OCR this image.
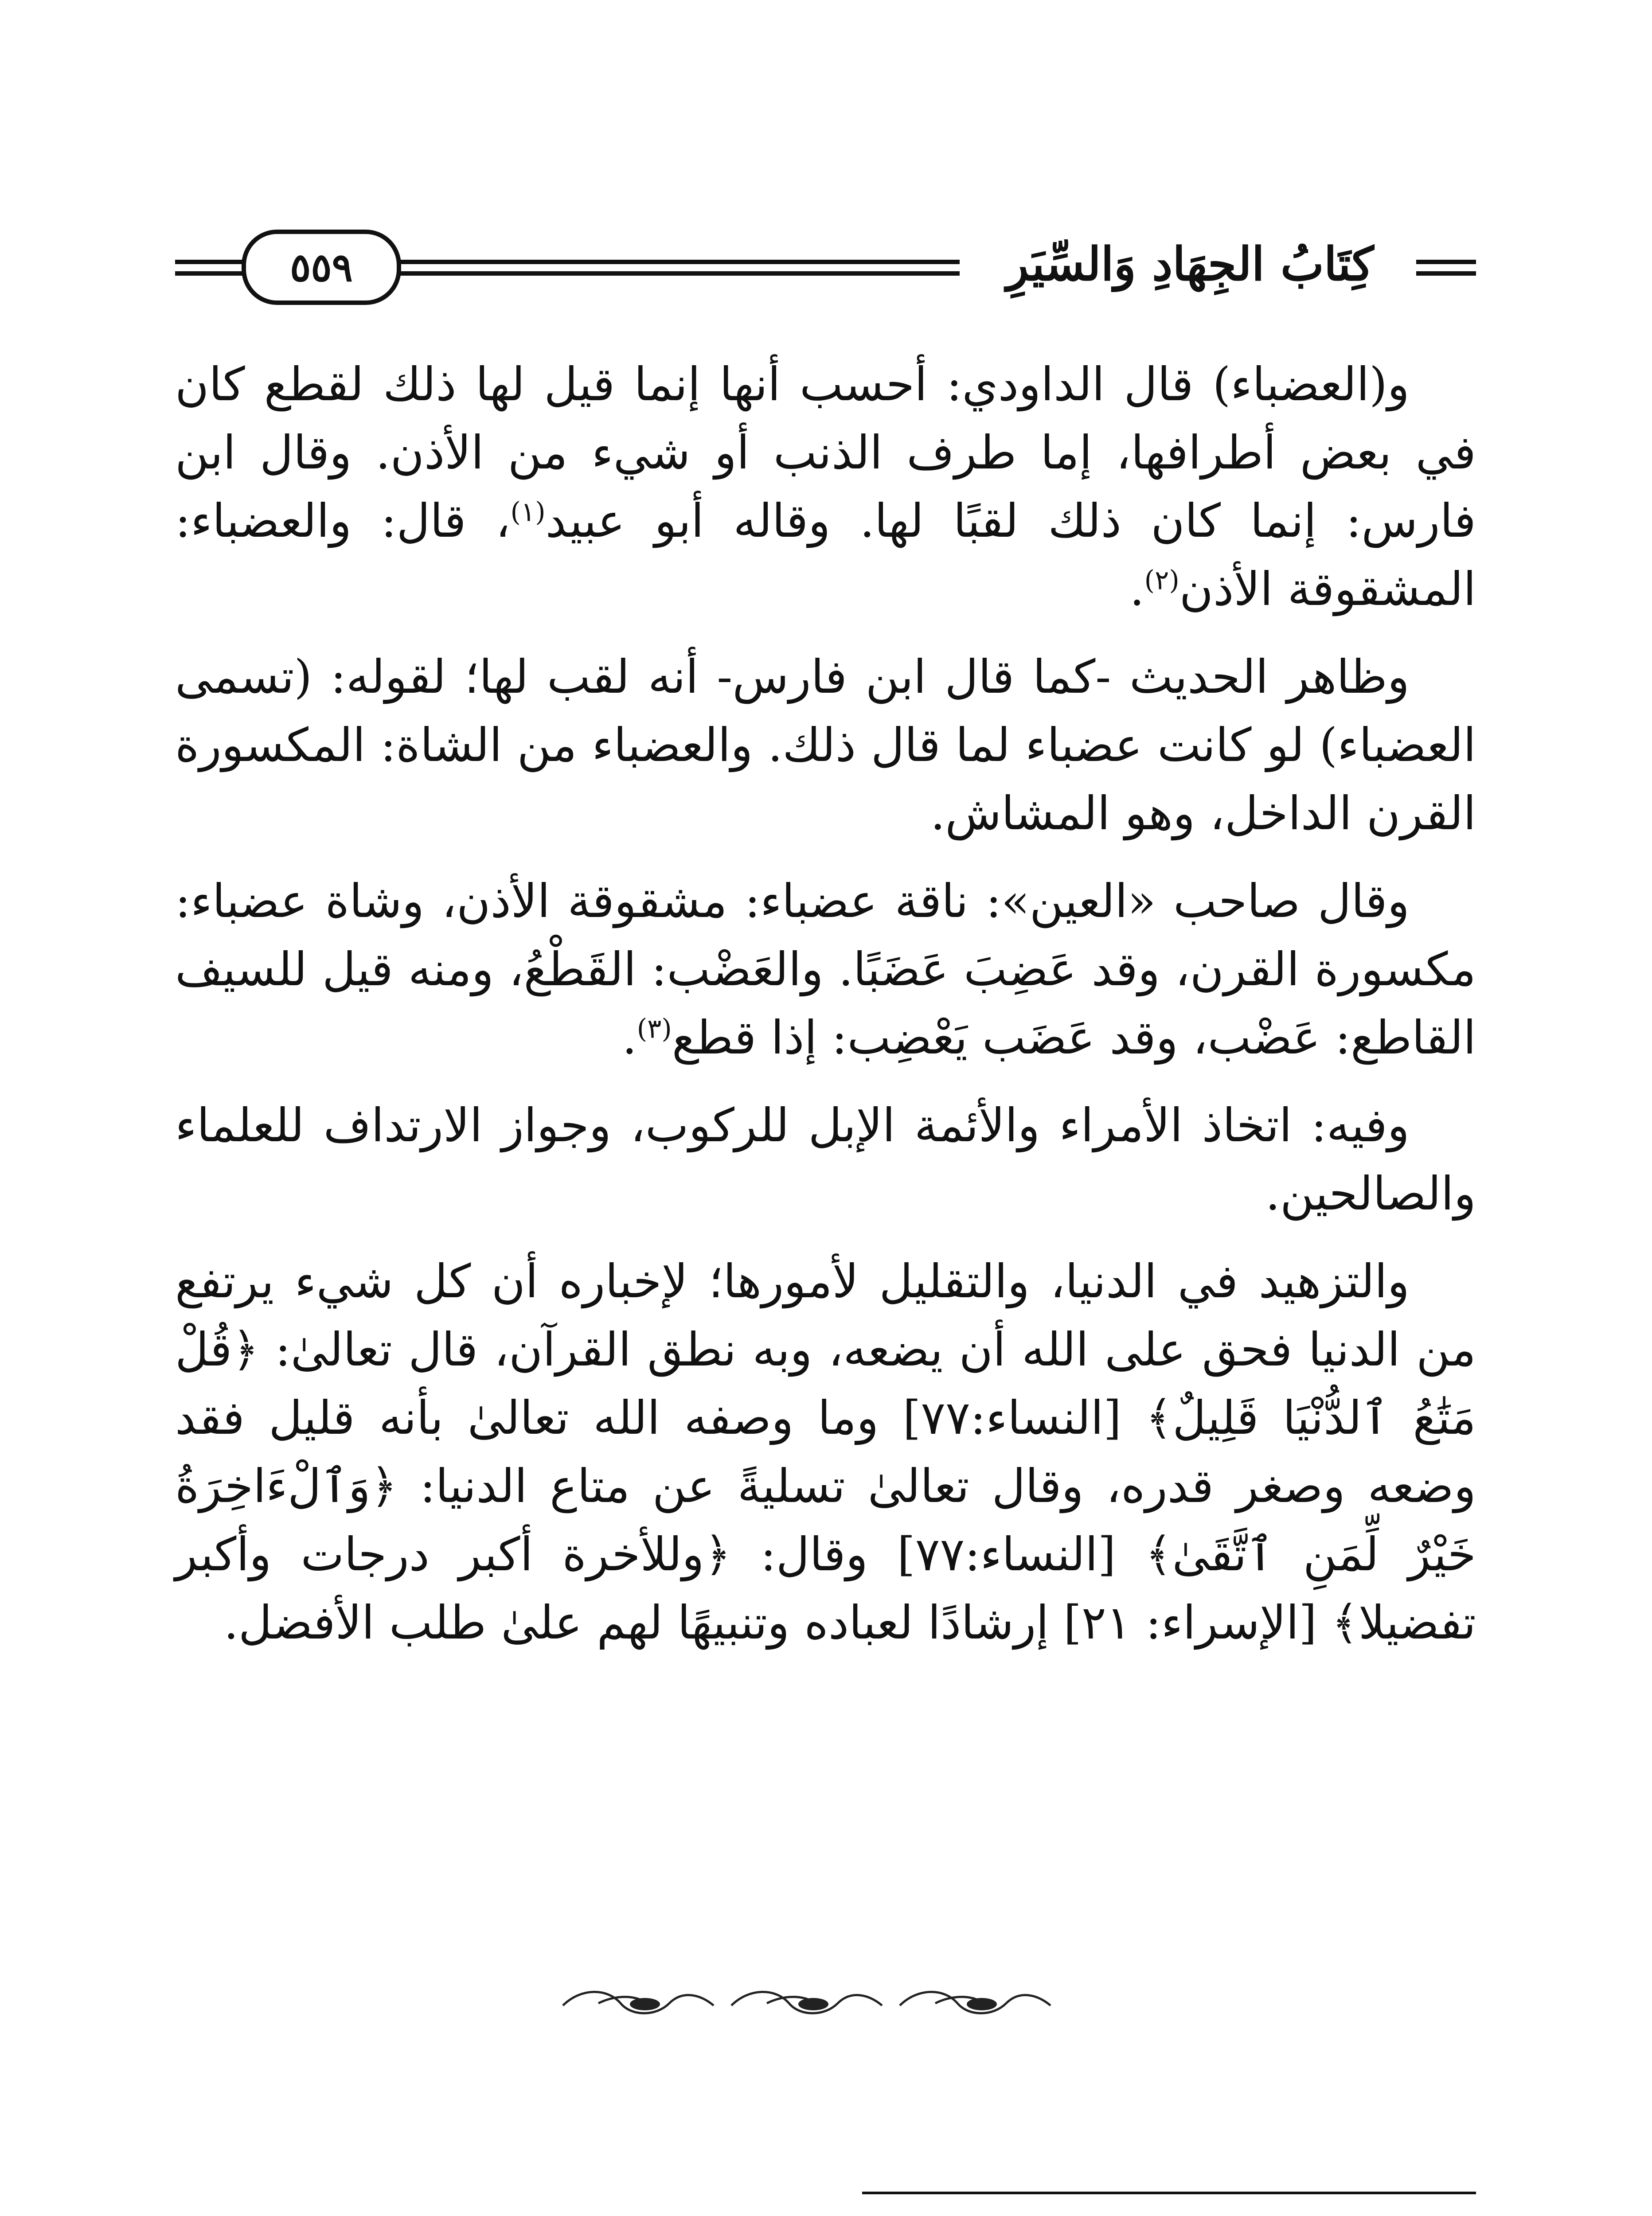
٥٥٩	كِتَابُ الجِهَادِ وَالسِّيَرِ

و(العضباء) قال الداودي: أحسب أنها إنما قيل لها ذلك لقطع كان في بعض أطرافها، إما طرف الذنب أو شيء من الأذن. وقال ابن فارس: إنما كان ذلك لقبًا لها. وقاله أبو عبيد$^{(١)}$، قال: والعضباء: المشقوقة الأذن$^{(٢)}$.

وظاهر الحديث -كما قال ابن فارس- أنه لقب لها؛ لقوله: (تسمى العضباء) لو كانت عضباء لما قال ذلك. والعضباء من الشاة: المكسورة القرن الداخل، وهو المشاش.

وقال صاحب «العين»: ناقة عضباء: مشقوقة الأذن، وشاة عضباء: مكسورة القرن، وقد عَضِبَ عَضَبًا. والعَضْب: القَطْعُ، ومنه قيل للسيف القاطع: عَضْب، وقد عَضَب يَعْضِب: إذا قطع$^{(٣)}$.

وفيه: اتخاذ الأمراء والأئمة الإبل للركوب، وجواز الارتداف للعلماء والصالحين.

والتزهيد في الدنيا، والتقليل لأمورها؛ لإخباره أن كل شيء يرتفع من الدنيا فحق على الله أن يضعه، وبه نطق القرآن، قال تعالىٰ: ﴿قُلْ مَتَٰعُ ٱلدُّنْيَا قَلِيلٌ﴾ [النساء:٧٧] وما وصفه الله تعالىٰ بأنه قليل فقد وضعه وصغر قدره، وقال تعالىٰ تسليةً عن متاع الدنيا: ﴿وَٱلْءَاخِرَةُ خَيْرٌ لِّمَنِ ٱتَّقَىٰ﴾ [النساء:٧٧] وقال: ﴿وللأخرة أكبر درجات وأكبر تفضيلا﴾ [الإسراء: ٢١] إرشادًا لعباده وتنبيهًا لهم علىٰ طلب الأفضل.
